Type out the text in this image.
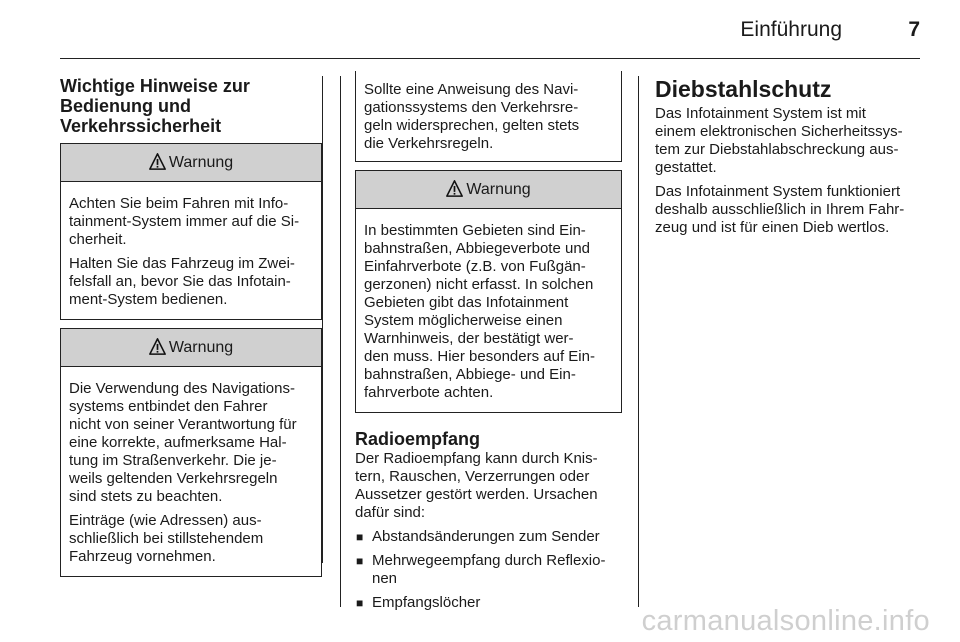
Einführung	7
Wichtige Hinweise zur
Bedienung und
Verkehrssicherheit
Warnung

Achten Sie beim Fahren mit Info-
tainment-System immer auf die Si-
cherheit.

Halten Sie das Fahrzeug im Zwei-
felsfall an, bevor Sie das Infotain-
ment-System bedienen.

Warnung

Die Verwendung des Navigations-
systems entbindet den Fahrer
nicht von seiner Verantwortung für
eine korrekte, aufmerksame Hal-
tung im Straßenverkehr. Die je-
weils geltenden Verkehrsregeln
sind stets zu beachten.

Einträge (wie Adressen) aus-
schließlich bei stillstehendem
Fahrzeug vornehmen.

Sollte eine Anweisung des Navi-
gationssystems den Verkehrsre-
geln widersprechen, gelten stets
die Verkehrsregeln.

Warnung

In bestimmten Gebieten sind Ein-
bahnstraßen, Abbiegeverbote und
Einfahrverbote (z.B. von Fußgän-
gerzonen) nicht erfasst. In solchen
Gebieten gibt das Infotainment
System möglicherweise einen
Warnhinweis, der bestätigt wer-
den muss. Hier besonders auf Ein-
bahnstraßen, Abbiege- und Ein-
fahrverbote achten.

Radioempfang

Der Radioempfang kann durch Knis-
tern, Rauschen, Verzerrungen oder
Aussetzer gestört werden. Ursachen
dafür sind:

■ Abstandsänderungen zum Sender
■ Mehrwegeempfang durch Reflexio-
nen
■ Empfangslöcher
Diebstahlschutz

Das Infotainment System ist mit
einem elektronischen Sicherheitssys-
tem zur Diebstahlabschreckung aus-
gestattet.

Das Infotainment System funktioniert
deshalb ausschließlich in Ihrem Fahr-
zeug und ist für einen Dieb wertlos.

carmanualsonline.info
